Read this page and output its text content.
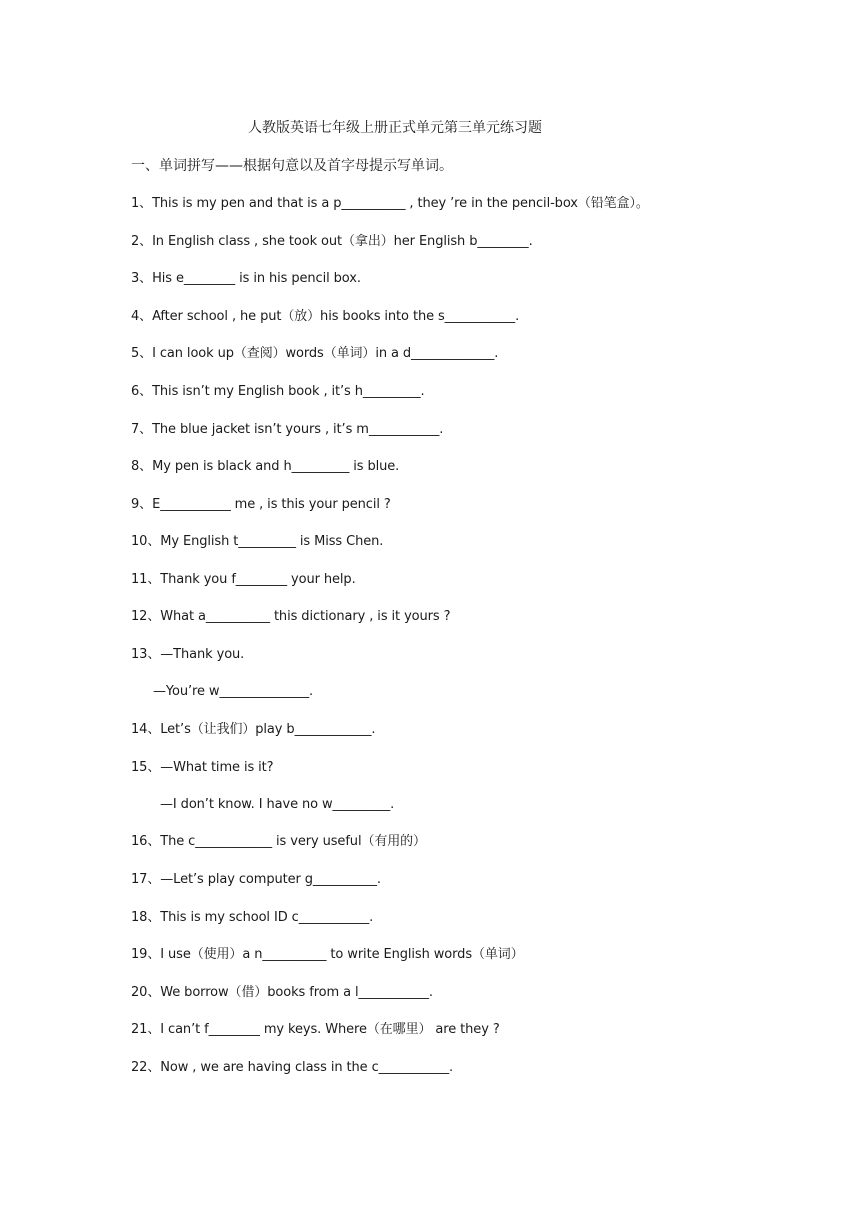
人教版英语七年级上册正式单元第三单元练习题
一、单词拼写——根据句意以及首字母提示写单词。
1、This is my pen and that is a p__________ , they ’re in the pencil-box（铅笔盒）。
2、In English class , she took out（拿出）her English b________.
3、His e________ is in his pencil box.
4、After school , he put（放）his books into the s___________.
5、I can look up（查阅）words（单词）in a d_____________.
6、This isn’t my English book , it’s h_________.
7、The blue jacket isn’t yours , it’s m___________.
8、My pen is black and h_________ is blue.
9、E___________ me , is this your pencil ?
10、My English t_________ is Miss Chen.
11、Thank you f________ your help.
12、What a__________ this dictionary , is it yours ?
13、—Thank you.
—You’re w______________.
14、Let’s（让我们）play b____________.
15、—What time is it?
—I don’t know. I have no w_________.
16、The c____________ is very useful（有用的）
17、—Let’s play computer g__________.
18、This is my school ID c___________.
19、I use（使用）a n__________ to write English words（单词）
20、We borrow（借）books from a l___________.
21、I can’t f________ my keys. Where（在哪里） are they ?
22、Now , we are having class in the c___________.
